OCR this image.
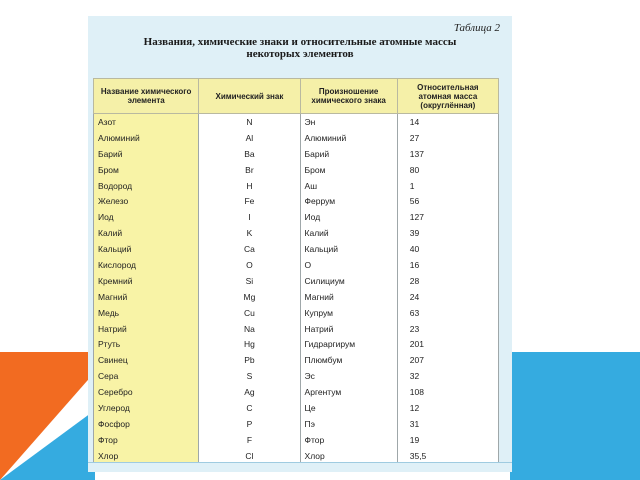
Таблица 2
Названия, химические знаки и относительные атомные массы
некоторых элементов
Название химического элемента	Химический знак	Произношение химического знака	Относительная атомная масса (округлённая)
Азот	N	Эн	14
Алюминий	Al	Алюминий	27
Барий	Ba	Барий	137
Бром	Br	Бром	80
Водород	H	Аш	1
Железо	Fe	Феррум	56
Иод	I	Иод	127
Калий	K	Калий	39
Кальций	Ca	Кальций	40
Кислород	O	О	16
Кремний	Si	Силициум	28
Магний	Mg	Магний	24
Медь	Cu	Купрум	63
Натрий	Na	Натрий	23
Ртуть	Hg	Гидраргирум	201
Свинец	Pb	Плюмбум	207
Сера	S	Эс	32
Серебро	Ag	Аргентум	108
Углерод	C	Це	12
Фосфор	P	Пэ	31
Фтор	F	Фтор	19
Хлор	Cl	Хлор	35,5
